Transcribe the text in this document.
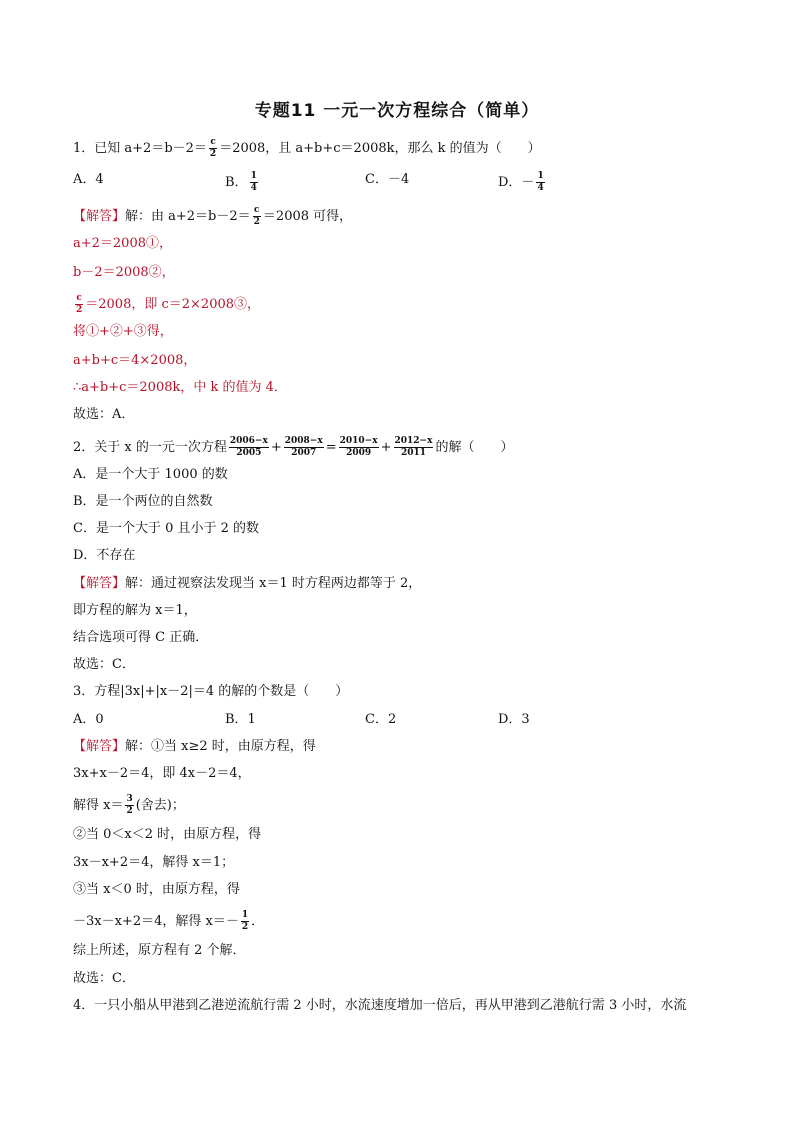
专题11 一元一次方程综合（简单）
1．已知 $a+2=b-2= \frac{c}{2} =2008$，且 a+b+c＝2008k，那么 k 的值为（　　）
A．4	B． $\frac{1}{4}$	C．－4	D．－ $\frac{1}{4}$
【解答】解：由 $a+2=b-2= \frac{c}{2} =2008$ 可得，
a+2＝2008①，
b－2＝2008②，
$\frac{c}{2} =2008$，即 c＝2×2008③，
将①+②+③得，
a+b+c＝4×2008，
∴a+b+c＝2008k，中 k 的值为 4．
故选：A．
2．关于 x 的一元一次方程 $\frac{2006-x}{2005} + \frac{2008-x}{2007} = \frac{2010-x}{2009} + \frac{2012-x}{2011}$ 的解（　　）
A．是一个大于 1000 的数
B．是一个两位的自然数
C．是一个大于 0 且小于 2 的数
D．不存在
【解答】解：通过视察法发现当 x＝1 时方程两边都等于 2，
即方程的解为 x＝1，
结合选项可得 C 正确．
故选：C．
3．方程|3x|+|x－2|＝4 的解的个数是（　　）
A．0	B．1	C．2	D．3
【解答】解：①当 x≥2 时，由原方程，得
3x+x－2＝4，即 4x－2＝4，
解得 $x= \frac{3}{2}$ (舍去)；
②当 0＜x＜2 时，由原方程，得
3x－x+2＝4，解得 x＝1；
③当 x＜0 时，由原方程，得
－3x－x+2＝4，解得 $x=- \frac{1}{2}$ ．
综上所述，原方程有 2 个解．
故选：C．
4．一只小船从甲港到乙港逆流航行需 2 小时，水流速度增加一倍后，再从甲港到乙港航行需 3 小时，水流
